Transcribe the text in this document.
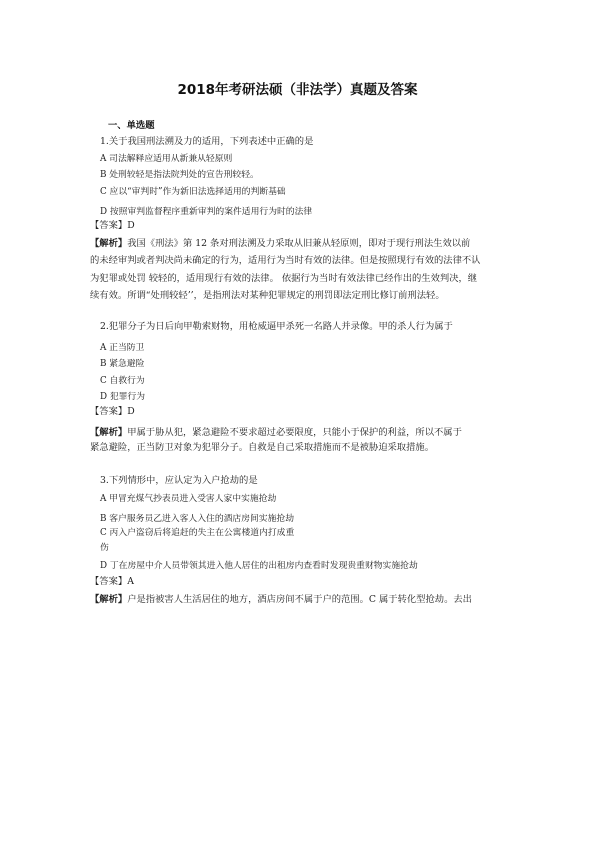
2018年考研法硕（非法学）真题及答案
一、单选题
1.关于我国刑法溯及力的适用，下列表述中正确的是
A 司法解释应适用从新兼从轻原则
B 处刑较轻是指法院判处的宣告刑较轻。
C 应以“审判时”作为新旧法选择适用的判断基础
D 按照审判监督程序重新审判的案件适用行为时的法律
【答案】D
【解析】我国《刑法》第 12 条对刑法溯及力采取从旧兼从轻原则，即对于现行刑法生效以前
的未经审判或者判决尚未确定的行为，适用行为当时有效的法律。但是按照现行有效的法律不认
为犯罪或处罚 较轻的，适用现行有效的法律。 依据行为当时有效法律已经作出的生效判决，继
续有效。所谓“处刑较轻’’，是指刑法对某种犯罪规定的刑罚即法定刑比修订前刑法轻。
2.犯罪分子为日后向甲勒索财物，用枪威逼甲杀死一名路人并录像。甲的杀人行为属于
A 正当防卫
B 紧急避险
C 自救行为
D 犯罪行为
【答案】D
【解析】甲属于胁从犯，紧急避险不要求超过必要限度，只能小于保护的利益，所以不属于
紧急避险，正当防卫对象为犯罪分子。自救是自己采取措施而不是被胁迫采取措施。
3.下列情形中，应认定为入户抢劫的是
A 甲冒充煤气抄表员进入受害人家中实施抢劫
B 客户服务员乙进入客人入住的酒店房间实施抢劫
C 丙入户盗窃后将追赶的失主在公寓楼道内打成重
伤
D 丁在房屋中介人员带领其进入他人居住的出租房内查看时发现贵重财物实施抢劫
【答案】A
【解析】户是指被害人生活居住的地方，酒店房间不属于户的范围。C 属于转化型抢劫。去出
